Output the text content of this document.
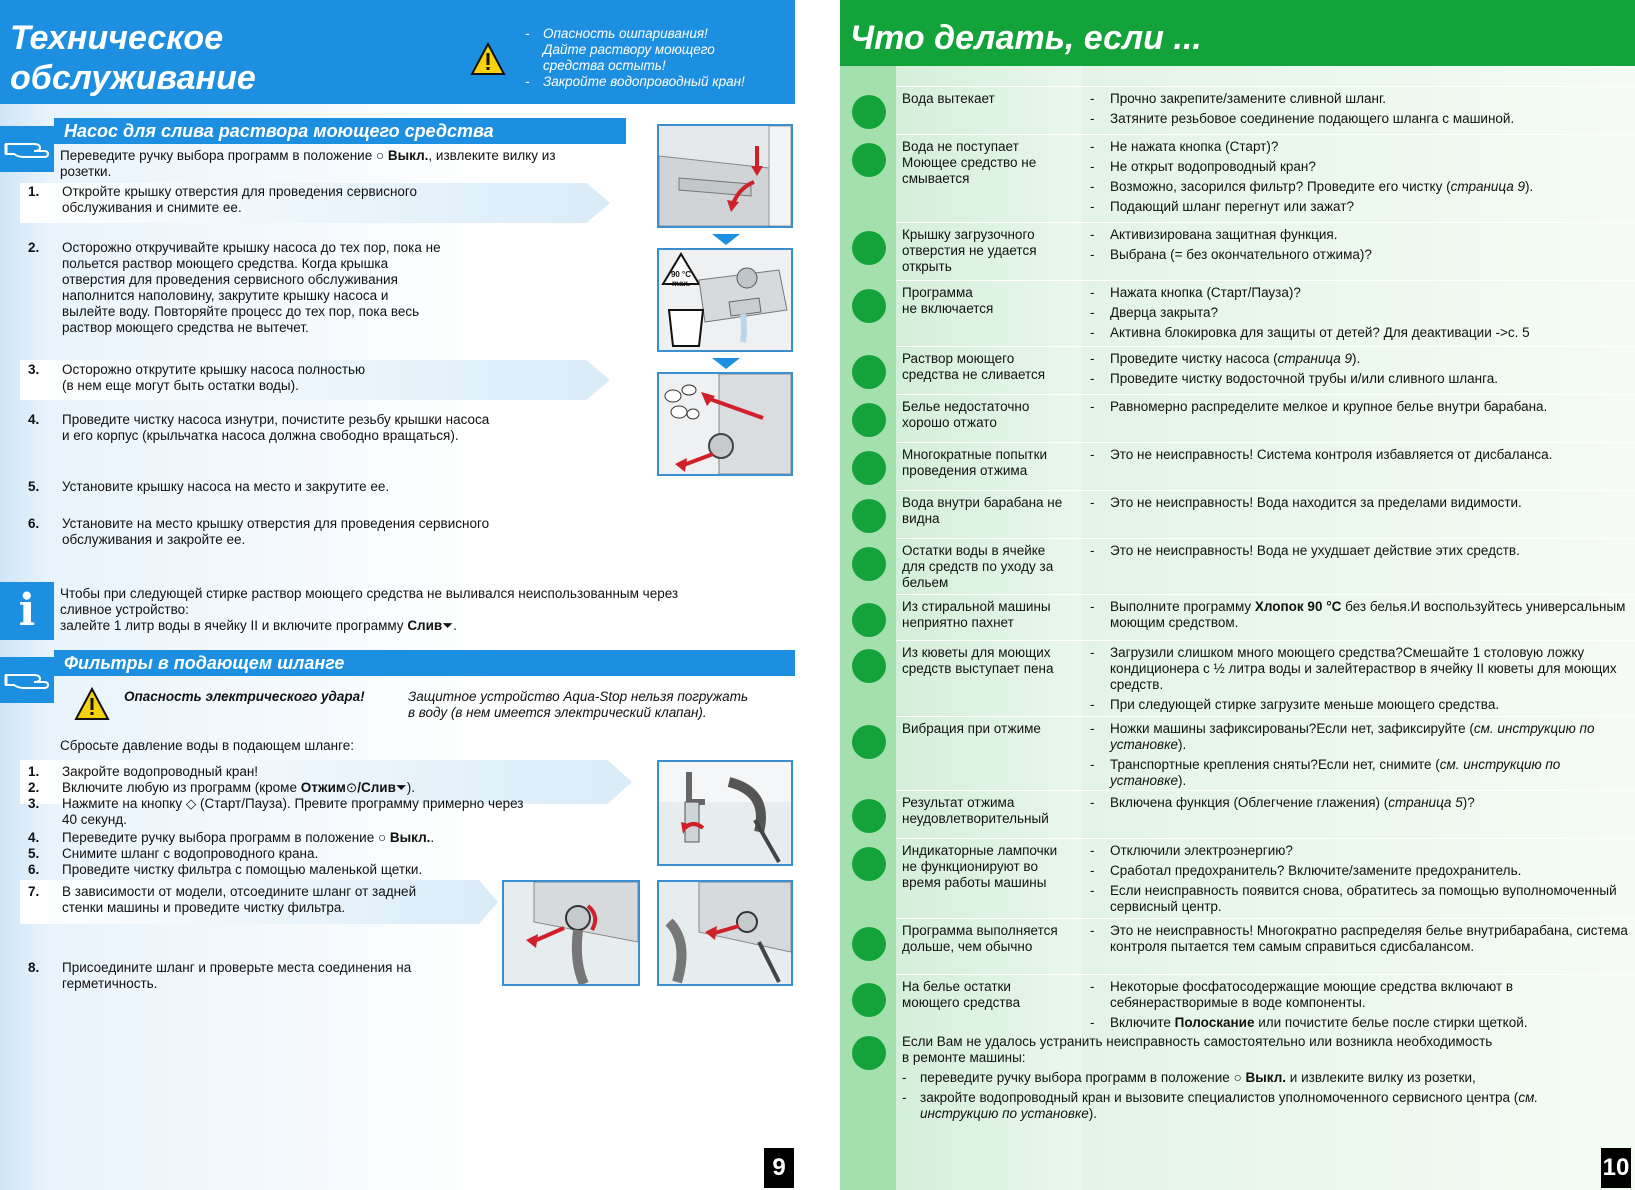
Техническое
обслуживание
- Опасность ошпаривания!
Дайте раствору моющего
средства остыть!
- Закройте водопроводный кран!
Насос для слива раствора моющего средства
Переведите ручку выбора программ в положение ○ Выкл., извлеките вилку из
розетки.
1. Откройте крышку отверстия для проведения сервисного
обслуживания и снимите ее.
2. Осторожно откручивайте крышку насоса до тех пор, пока не
польется раствор моющего средства. Когда крышка
отверстия для проведения сервисного обслуживания
наполнится наполовину, закрутите крышку насоса и
вылейте воду. Повторяйте процесс до тех пор, пока весь
раствор моющего средства не вытечет.
3. Осторожно открутите крышку насоса полностью
(в нем еще могут быть остатки воды).
4. Проведите чистку насоса изнутри, почистите резьбу крышки насоса
и его корпус (крыльчатка насоса должна свободно вращаться).
5. Установите крышку насоса на место и закрутите ее.
6. Установите на место крышку отверстия для проведения сервисного
обслуживания и закройте ее.
90 °C
max.
i	Чтобы при следующей стирке раствор моющего средства не выливался неиспользованным через
сливное устройство:
залейте 1 литр воды в ячейку II и включите программу Слив⏷.
Фильтры в подающем шланге
Опасность электрического удара!	Защитное устройство Aqua-Stop нельзя погружать
в воду (в нем имеется электрический клапан).
Сбросьте давление воды в подающем шланге:
1. Закройте водопроводный кран!
2. Включите любую из программ (кроме Отжим⊙/Слив⏷).
3. Нажмите на кнопку ◇ (Старт/Пауза). Превите программу примерно через
40 секунд.
4. Переведите ручку выбора программ в положение ○ Выкл..
5. Снимите шланг с водопроводного крана.
6. Проведите чистку фильтра с помощью маленькой щетки.
7. В зависимости от модели, отсоедините шланг от задней
стенки машины и проведите чистку фильтра.
8. Присоедините шланг и проверьте места соединения на
герметичность.
9
Что делать, если ...
Вода вытекает	- Прочно закрепите/замените сливной шланг.
- Затяните резьбовое соединение подающего шланга с машиной.
Вода не поступает
Моющее средство не
смывается
- Не нажата кнопка (Старт)?
- Не открыт водопроводный кран?
- Возможно, засорился фильтр? Проведите его чистку (страница 9).
- Подающий шланг перегнут или зажат?
Крышку загрузочного
отверстия не удается
открыть
- Активизирована защитная функция.
- Выбрана (= без окончательного отжима)?
Программа
не включается
- Нажата кнопка (Старт/Пауза)?
- Дверца закрыта?
- Активна блокировка для защиты от детей? Для деактивации ->с. 5
Раствор моющего
средства не сливается
- Проведите чистку насоса (страница 9).
- Проведите чистку водосточной трубы и/или сливного шланга.
Белье недостаточно
хорошо отжато
- Равномерно распределите мелкое и крупное белье внутри барабана.
Многократные попытки
проведения отжима
- Это не неисправность! Система контроля избавляется от дисбаланса.
Вода внутри барабана не
видна
- Это не неисправность! Вода находится за пределами видимости.
Остатки воды в ячейке
для средств по уходу за
бельем
- Это не неисправность! Вода не ухудшает действие этих средств.
Из стиральной машины
неприятно пахнет
- Выполните программу Хлопок 90 °С без белья.И воспользуйтесь универсальным моющим средством.
Из кюветы для моющих
средств выступает пена
- Загрузили слишком много моющего средства?Смешайте 1 столовую ложку кондиционера с ½ литра воды и залейтераствор в ячейку II кюветы для моющих средств.
- При следующей стирке загрузите меньше моющего средства.
Вибрация при отжиме	- Ножки машины зафиксированы?Если нет, зафиксируйте (см. инструкцию по установке).
- Транспортные крепления сняты?Если нет, снимите (см. инструкцию по установке).
Результат отжима
неудовлетворительный
- Включена функция (Облегчение глажения) (страница 5)?
Индикаторные лампочки
не функционируют во
время работы машины
- Отключили электроэнергию?
- Сработал предохранитель? Включите/замените предохранитель.
- Если неисправность появится снова, обратитесь за помощью вуполномоченный сервисный центр.
Программа выполняется
дольше, чем обычно
- Это не неисправность! Многократно распределяя белье внутрибарабана, система контроля пытается тем самым справиться сдисбалансом.
На белье остатки
моющего средства
- Некоторые фосфатосодержащие моющие средства включают в себянерастворимые в воде компоненты.
- Включите Полоскание или почистите белье после стирки щеткой.
Если Вам не удалось устранить неисправность самостоятельно или возникла необходимость
в ремонте машины:
- переведите ручку выбора программ в положение ○ Выкл. и извлеките вилку из розетки,
- закройте водопроводный кран и вызовите специалистов уполномоченного сервисного центра (см.
инструкцию по установке).
10
